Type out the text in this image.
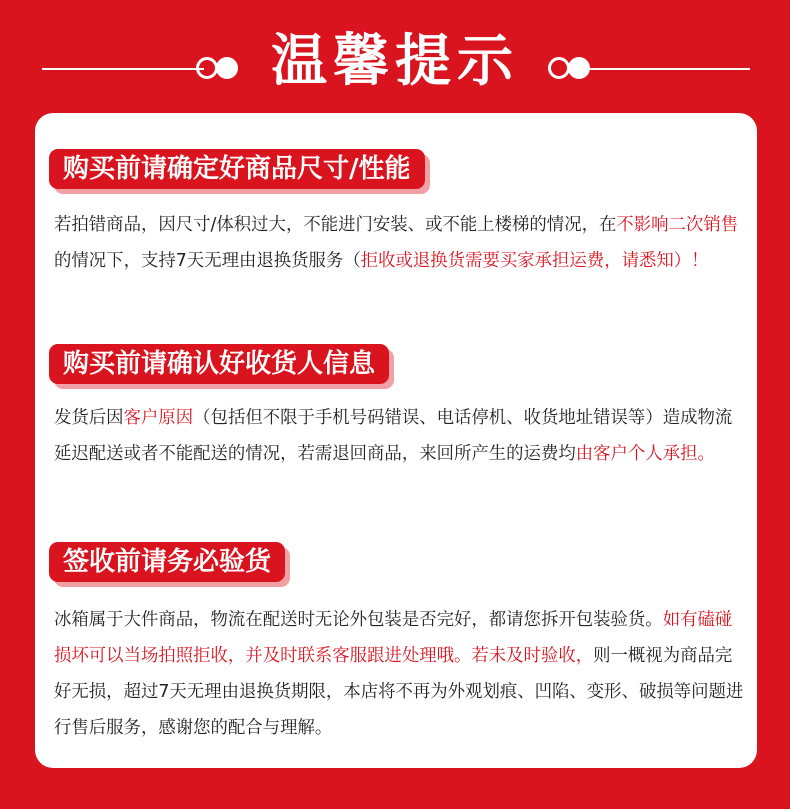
温馨提示
购买前请确定好商品尺寸/性能

若拍错商品，因尺寸/体积过大，不能进门安装、或不能上楼梯的情况，在不影响二次销售的情况下，支持7天无理由退换货服务（拒收或退换货需要买家承担运费，请悉知）！

购买前请确认好收货人信息

发货后因客户原因（包括但不限于手机号码错误、电话停机、收货地址错误等）造成物流延迟配送或者不能配送的情况，若需退回商品，来回所产生的运费均由客户个人承担。

签收前请务必验货

冰箱属于大件商品，物流在配送时无论外包装是否完好，都请您拆开包装验货。如有磕碰损坏可以当场拍照拒收，并及时联系客服跟进处理哦。若未及时验收，则一概视为商品完好无损，超过7天无理由退换货期限，本店将不再为外观划痕、凹陷、变形、破损等问题进行售后服务，感谢您的配合与理解。
